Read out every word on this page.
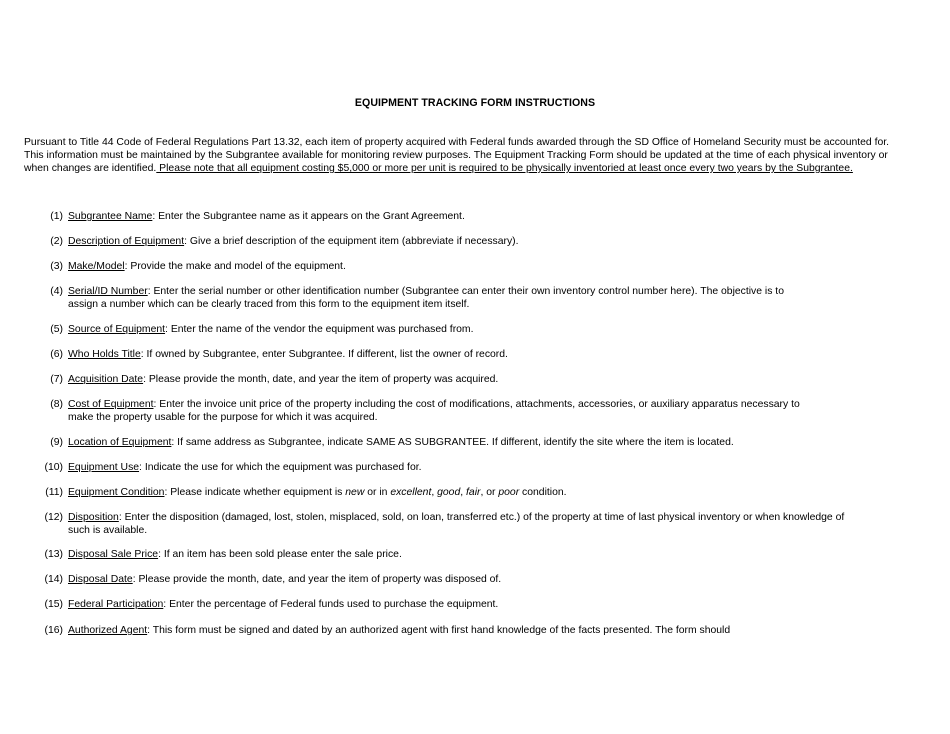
EQUIPMENT TRACKING FORM INSTRUCTIONS
Pursuant to Title 44 Code of Federal Regulations Part 13.32, each item of property acquired with Federal funds awarded through the SD Office of Homeland Security must be accounted for. This information must be maintained by the Subgrantee available for monitoring review purposes. The Equipment Tracking Form should be updated at the time of each physical inventory or when changes are identified. Please note that all equipment costing $5,000 or more per unit is required to be physically inventoried at least once every two years by the Subgrantee.
(1) Subgrantee Name: Enter the Subgrantee name as it appears on the Grant Agreement.
(2) Description of Equipment: Give a brief description of the equipment item (abbreviate if necessary).
(3) Make/Model: Provide the make and model of the equipment.
(4) Serial/ID Number: Enter the serial number or other identification number (Subgrantee can enter their own inventory control number here). The objective is to assign a number which can be clearly traced from this form to the equipment item itself.
(5) Source of Equipment: Enter the name of the vendor the equipment was purchased from.
(6) Who Holds Title: If owned by Subgrantee, enter Subgrantee. If different, list the owner of record.
(7) Acquisition Date: Please provide the month, date, and year the item of property was acquired.
(8) Cost of Equipment: Enter the invoice unit price of the property including the cost of modifications, attachments, accessories, or auxiliary apparatus necessary to make the property usable for the purpose for which it was acquired.
(9) Location of Equipment: If same address as Subgrantee, indicate SAME AS SUBGRANTEE. If different, identify the site where the item is located.
(10) Equipment Use: Indicate the use for which the equipment was purchased for.
(11) Equipment Condition: Please indicate whether equipment is new or in excellent, good, fair, or poor condition.
(12) Disposition: Enter the disposition (damaged, lost, stolen, misplaced, sold, on loan, transferred etc.) of the property at time of last physical inventory or when knowledge of such is available.
(13) Disposal Sale Price: If an item has been sold please enter the sale price.
(14) Disposal Date: Please provide the month, date, and year the item of property was disposed of.
(15) Federal Participation: Enter the percentage of Federal funds used to purchase the equipment.
(16) Authorized Agent: This form must be signed and dated by an authorized agent with first hand knowledge of the facts presented. The form should
